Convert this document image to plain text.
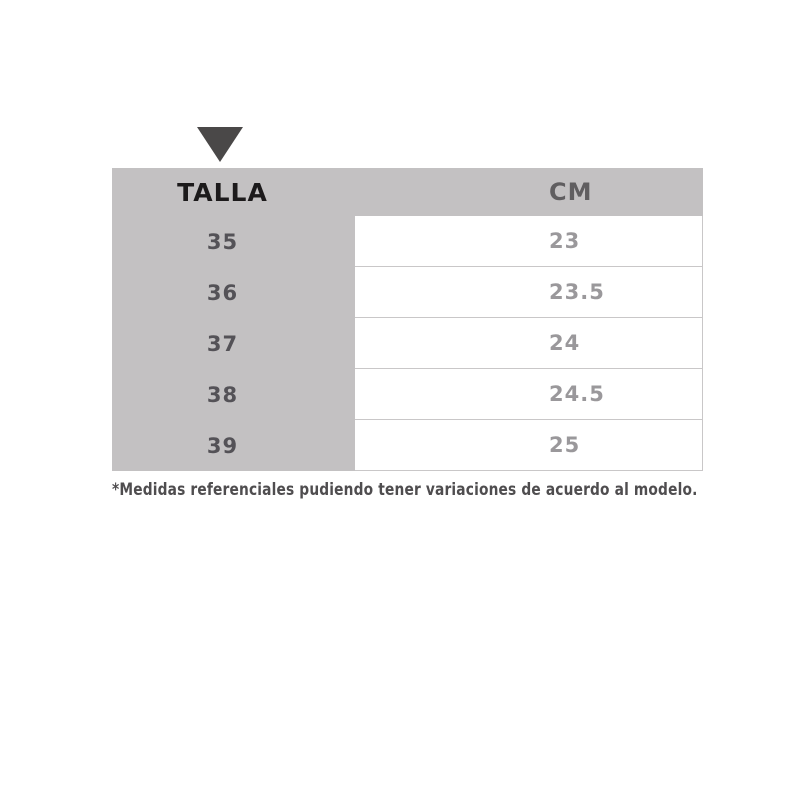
TALLA	CM
35	23
36	23.5
37	24
38	24.5
39	25
*Medidas referenciales pudiendo tener variaciones de acuerdo al modelo.
